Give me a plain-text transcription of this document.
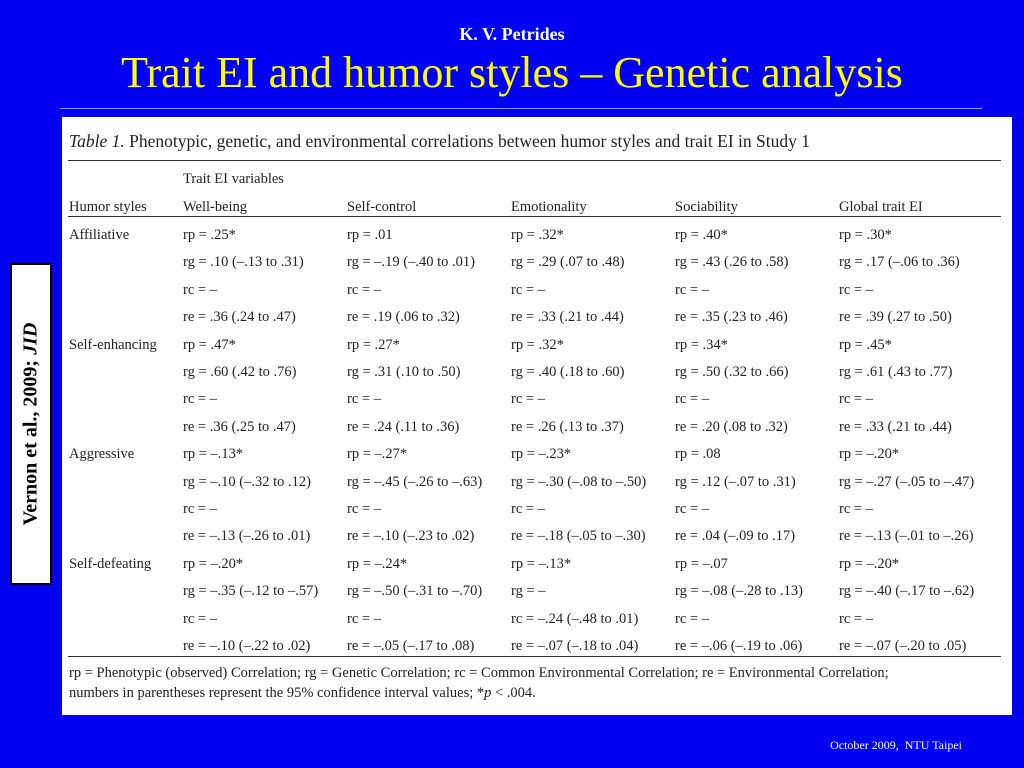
K. V. Petrides
Trait EI and humor styles – Genetic analysis
Vernon et al., 2009; JID
Table 1. Phenotypic, genetic, and environmental correlations between humor styles and trait EI in Study 1
Trait EI variables
Humor styles	Well-being	Self-control	Emotionality	Sociability	Global trait EI
Affiliative	rp = .25*	rp = .01	rp = .32*	rp = .40*	rp = .30*
rg = .10 (–.13 to .31)	rg = –.19 (–.40 to .01) rg = .29 (.07 to .48)	rg = .43 (.26 to .58)	rg = .17 (–.06 to .36)
rc = –	rc = –	rc = –	rc = –	rc = –
re = .36 (.24 to .47)	re = .19 (.06 to .32)	re = .33 (.21 to .44)	re = .35 (.23 to .46)	re = .39 (.27 to .50)
Self-enhancing rp = .47*	rp = .27*	rp = .32*	rp = .34*	rp = .45*
rg = .60 (.42 to .76)	rg = .31 (.10 to .50)	rg = .40 (.18 to .60)	rg = .50 (.32 to .66)	rg = .61 (.43 to .77)
rc = –	rc = –	rc = –	rc = –	rc = –
re = .36 (.25 to .47)	re = .24 (.11 to .36)	re = .26 (.13 to .37)	re = .20 (.08 to .32)	re = .33 (.21 to .44)
Aggressive	rp = –.13*	rp = –.27*	rp = –.23*	rp = .08	rp = –.20*
rg = –.10 (–.32 to .12) rg = –.45 (–.26 to –.63) rg = –.30 (–.08 to –.50) rg = .12 (–.07 to .31)	rg = –.27 (–.05 to –.47)
rc = –	rc = –	rc = –	rc = –	rc = –
re = –.13 (–.26 to .01)	re = –.10 (–.23 to .02)	re = –.18 (–.05 to –.30) re = .04 (–.09 to .17)	re = –.13 (–.01 to –.26)
Self-defeating rp = –.20*	rp = –.24*	rp = –.13*	rp = –.07	rp = –.20*
rg = –.35 (–.12 to –.57) rg = –.50 (–.31 to –.70) rg = –	rg = –.08 (–.28 to .13) rg = –.40 (–.17 to –.62)
rc = –	rc = –	rc = –.24 (–.48 to .01)	rc = –	rc = –
re = –.10 (–.22 to .02)	re = –.05 (–.17 to .08)	re = –.07 (–.18 to .04)	re = –.06 (–.19 to .06)	re = –.07 (–.20 to .05)
rp = Phenotypic (observed) Correlation; rg = Genetic Correlation; rc = Common Environmental Correlation; re = Environmental Correlation;
numbers in parentheses represent the 95% confidence interval values; *p < .004.
October 2009,  NTU Taipei
